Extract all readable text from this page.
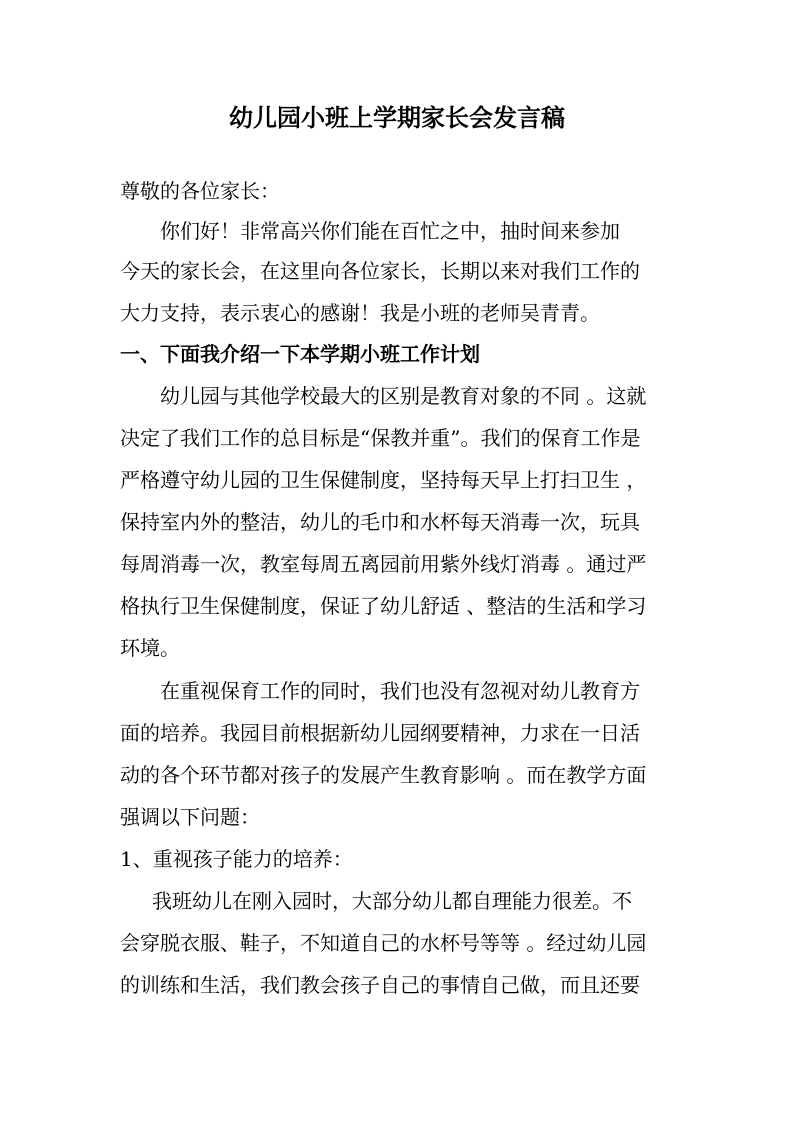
幼儿园小班上学期家长会发言稿

尊敬的各位家长：

你们好！非常高兴你们能在百忙之中，抽时间来参加

今天的家长会，在这里向各位家长，长期以来对我们工作的

大力支持，表示衷心的感谢！我是小班的老师吴青青。

一、下面我介绍一下本学期小班工作计划

幼儿园与其他学校最大的区别是教育对象的不同 。这就

决定了我们工作的总目标是“保教并重”。我们的保育工作是

严格遵守幼儿园的卫生保健制度，坚持每天早上打扫卫生 ，

保持室内外的整洁，幼儿的毛巾和水杯每天消毒一次，玩具

每周消毒一次，教室每周五离园前用紫外线灯消毒 。通过严

格执行卫生保健制度，保证了幼儿舒适 、整洁的生活和学习

环境。

在重视保育工作的同时，我们也没有忽视对幼儿教育方

面的培养。我园目前根据新幼儿园纲要精神，力求在一日活

动的各个环节都对孩子的发展产生教育影响 。而在教学方面

强调以下问题：

1、重视孩子能力的培养：

我班幼儿在刚入园时，大部分幼儿都自理能力很差。不

会穿脱衣服、鞋子，不知道自己的水杯号等等 。经过幼儿园

的训练和生活，我们教会孩子自己的事情自己做，而且还要
